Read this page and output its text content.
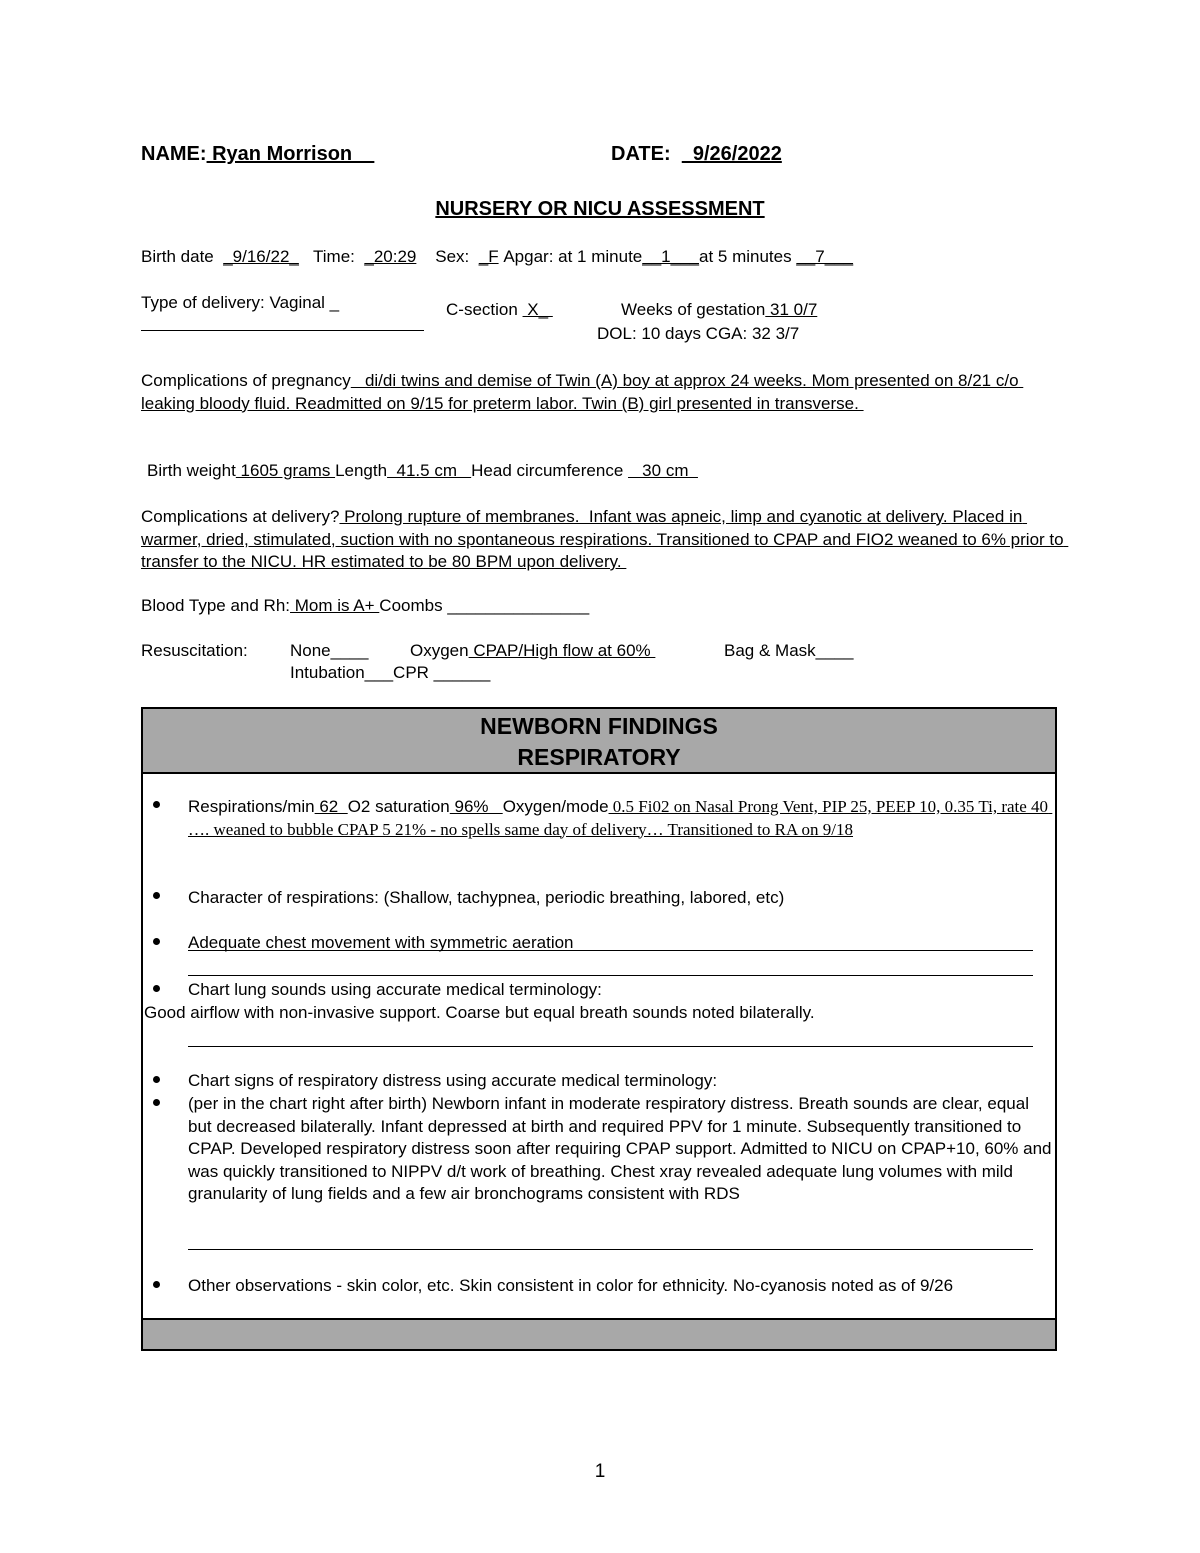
NAME: Ryan Morrison	DATE:    9/26/2022
NURSERY OR NICU ASSESSMENT
Birth date _9/16/22_ Time: _20:29 Sex: _F Apgar: at 1 minute__1___at 5 minutes __7___
Type of delivery: Vaginal _	C-section  X_	Weeks of gestation 31 0/7
DOL: 10 days CGA: 32 3/7
Complications of pregnancy   di/di twins and demise of Twin (A) boy at approx 24 weeks. Mom presented on 8/21 c/o leaking bloody fluid. Readmitted on 9/15 for preterm labor. Twin (B) girl presented in transverse.
Birth weight 1605 grams Length  41.5 cm   Head circumference    30 cm
Complications at delivery? Prolong rupture of membranes.  Infant was apneic, limp and cyanotic at delivery. Placed in warmer, dried, stimulated, suction with no spontaneous respirations. Transitioned to CPAP and FIO2 weaned to 6% prior to transfer to the NICU. HR estimated to be 80 BPM upon delivery.
Blood Type and Rh: Mom is A+ Coombs _______________
Resuscitation: None____ Oxygen CPAP/High flow at 60%	Bag & Mask____
Intubation___CPR ______
NEWBORN FINDINGS
RESPIRATORY
Respirations/min 62  O2 saturation 96%   Oxygen/mode 0.5 Fi02 on Nasal Prong Vent, PIP 25, PEEP 10, 0.35 Ti, rate 40 …. weaned to bubble CPAP 5 21% - no spells same day of delivery… Transitioned to RA on 9/18
Character of respirations: (Shallow, tachypnea, periodic breathing, labored, etc)
Adequate chest movement with symmetric aeration
Chart lung sounds using accurate medical terminology:
Good airflow with non-invasive support. Coarse but equal breath sounds noted bilaterally.
Chart signs of respiratory distress using accurate medical terminology:
(per in the chart right after birth) Newborn infant in moderate respiratory distress. Breath sounds are clear, equal but decreased bilaterally. Infant depressed at birth and required PPV for 1 minute. Subsequently transitioned to CPAP. Developed respiratory distress soon after requiring CPAP support. Admitted to NICU on CPAP+10, 60% and was quickly transitioned to NIPPV d/t work of breathing. Chest xray revealed adequate lung volumes with mild granularity of lung fields and a few air bronchograms consistent with RDS
Other observations - skin color, etc. Skin consistent in color for ethnicity. No-cyanosis noted as of 9/26
1
